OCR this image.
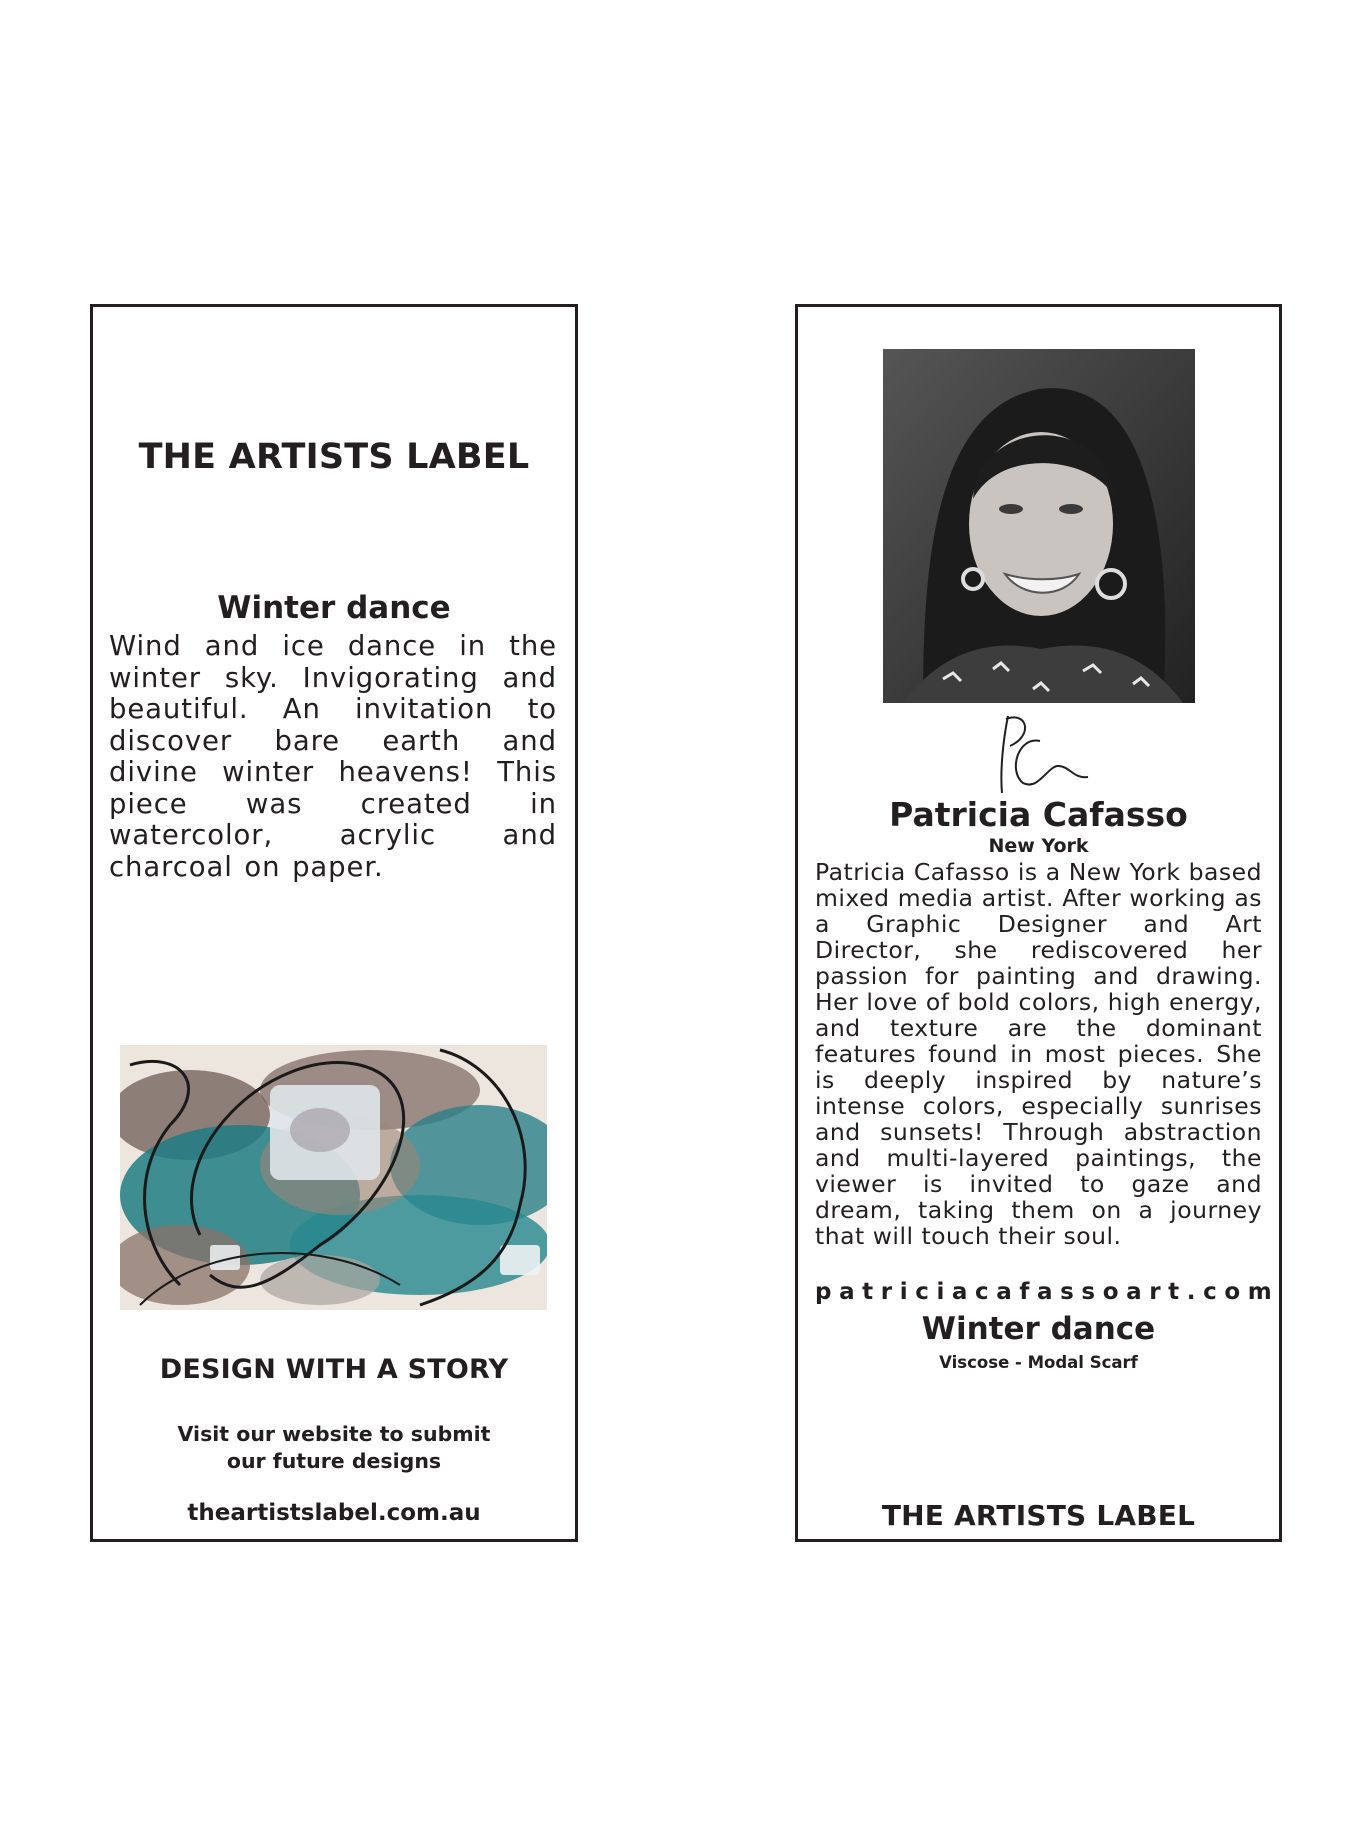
THE ARTISTS LABEL
Winter dance
Wind and ice dance in the winter sky. Invigorating and beautiful. An invitation to discover bare earth and divine winter heavens! This piece was created in watercolor, acrylic and charcoal on paper.
DESIGN WITH A STORY
Visit our website to submit
our future designs
theartistslabel.com.au
Patricia Cafasso
New York
Patricia Cafasso is a New York based mixed media artist. After working as a Graphic Designer and Art Director, she rediscovered her passion for painting and drawing. Her love of bold colors, high energy, and texture are the dominant features found in most pieces. She is deeply inspired by nature’s intense colors, especially sunrises and sunsets! Through abstraction and multi-layered paintings, the viewer is invited to gaze and dream, taking them on a journey that will touch their soul.
patriciacafassoart.com
Winter dance
Viscose - Modal Scarf
THE ARTISTS LABEL
